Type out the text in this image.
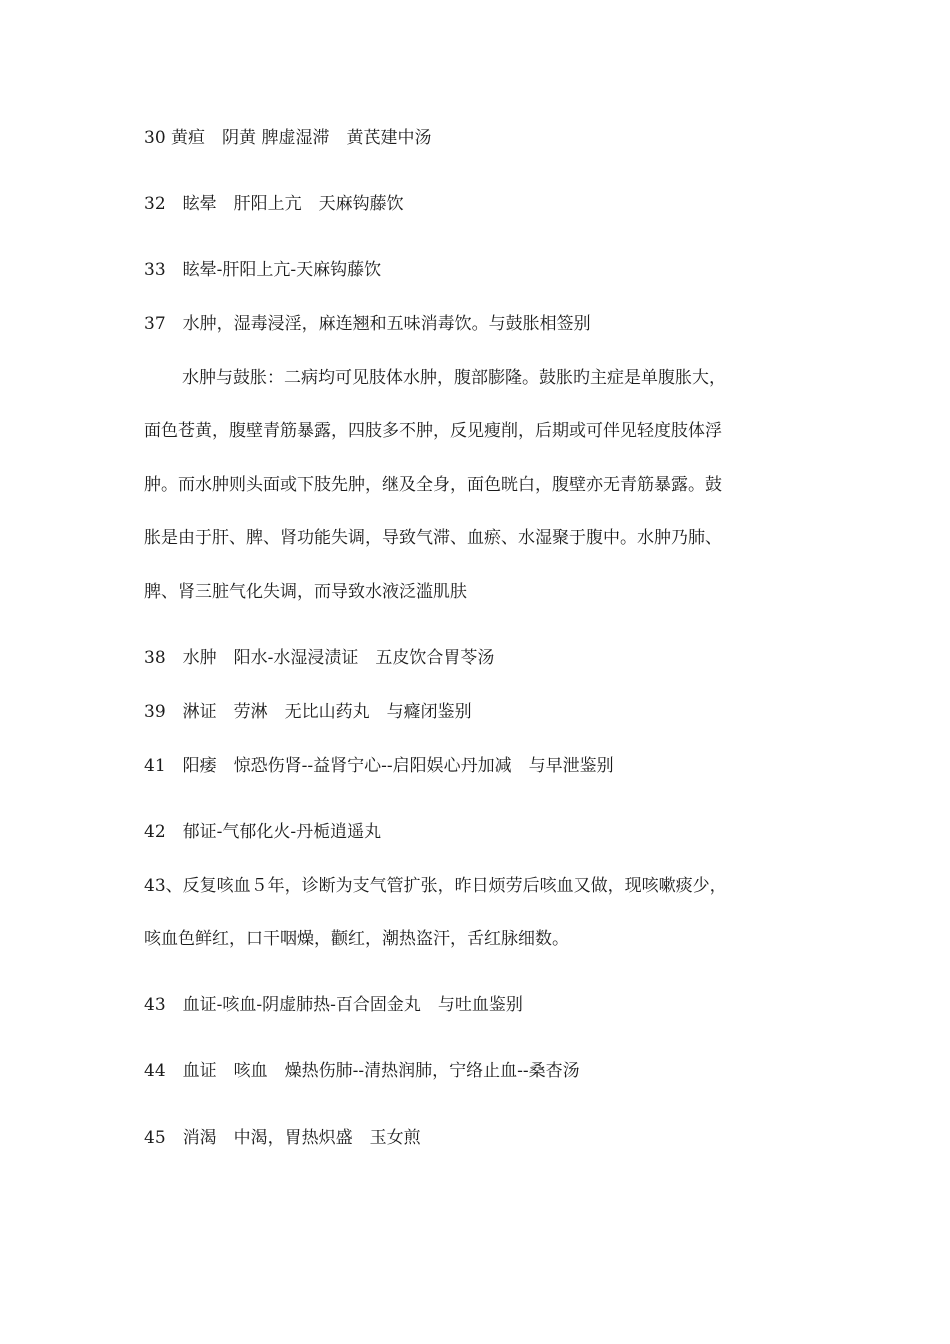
30 黄疸　阴黄 脾虚湿滞　黄芪建中汤
32　眩晕　肝阳上亢　天麻钩藤饮
33　眩晕-肝阳上亢-天麻钩藤饮
37　水肿，湿毒浸淫，麻连翘和五味消毒饮。与鼓胀相签别
水肿与鼓胀：二病均可见肢体水肿，腹部膨隆。鼓胀旳主症是单腹胀大，
面色苍黄，腹壁青筋暴露，四肢多不肿，反见瘦削，后期或可伴见轻度肢体浮
肿。而水肿则头面或下肢先肿，继及全身，面色晄白，腹壁亦无青筋暴露。鼓
胀是由于肝、脾、肾功能失调，导致气滞、血瘀、水湿聚于腹中。水肿乃肺、
脾、肾三脏气化失调，而导致水液泛滥肌肤
38　水肿　阳水-水湿浸渍证　五皮饮合胃苓汤
39　淋证　劳淋　无比山药丸　与癃闭鉴别
41　阳痿　惊恐伤肾--益肾宁心--启阳娱心丹加减　与早泄鉴别
42　郁证-气郁化火-丹栀逍遥丸
43、反复咳血５年，诊断为支气管扩张，昨日烦劳后咳血又做，现咳嗽痰少，
咳血色鲜红，口干咽燥，颧红，潮热盗汗，舌红脉细数。
43　血证-咳血-阴虚肺热-百合固金丸　与吐血鉴别
44　血证　咳血　燥热伤肺--清热润肺，宁络止血--桑杏汤
45　消渴　中渴，胃热炽盛　玉女煎
